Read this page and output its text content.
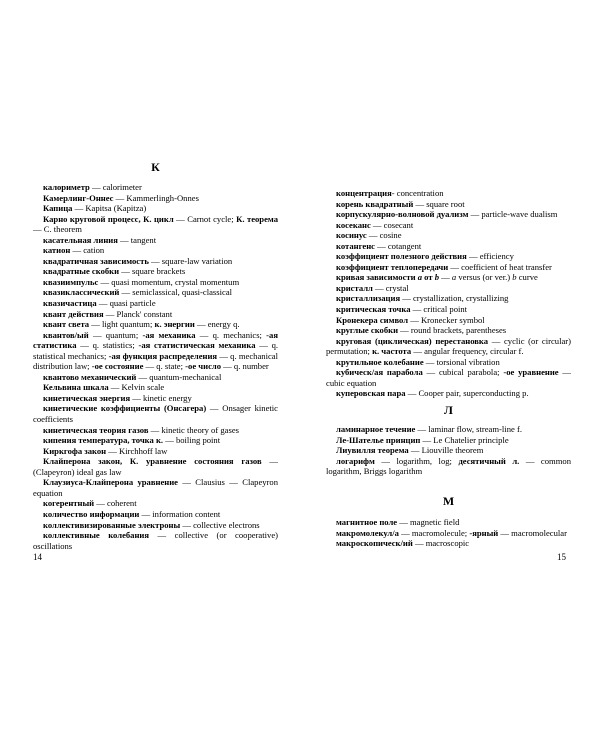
К

калориметр — calorimeter

Камерлинг-Оннес — Kammerlingh-Onnes

Капица — Kapitsa (Kapitza)

Карно круговой процесс, К. цикл — Carnot cycle; К. теорема — C. theorem

касательная линия — tangent

катион — cation

квадратичная зависимость — square-law variation

квадратные скобки — square brackets

квазиимпульс — quasi momentum, crystal momentum

квазиклассический — semiclassical, quasi-classical

квазичастица — quasi particle

квант действия — Planck' constant

квант света — light quantum; к. энергии — energy q.

квантов/ый — quantum; -ая механика — q. mechanics; -ая статистика — q. statistics; -ая статистическая механика — q. statistical mechanics; -ая функция распределения — q. mechanical distribution law; -ое состояние — q. state; -ое число — q. number

квантово механический — quantum-mechanical

Кельвина шкала — Kelvin scale

кинетическая энергия — kinetic energy

кинетические коэффициенты (Онсагера) — Onsager kinetic coefficients

кинетическая теория газов — kinetic theory of gases

кипения температура, точка к. — boiling point

Киркгофа закон — Kirchhoff law

Клайперона закон, К. уравнение состояния газов — (Clapeyron) ideal gas law

Клаузиуса-Клайперона уравнение — Clausius — Clapeyron equation

когерентный — coherent

количество информации — information content

коллективизированные электроны — collective electrons

коллективные колебания — collective (or cooperative) oscillations

14

концентрация- concentration

корень квадратный — square root

корпускулярно-волновой дуализм — particle-wave dualism

косеканс — cosecant

косинус — cosine

котангенс — cotangent

коэффициент полезного действия — efficiency

коэффициент теплопередачи — coefficient of heat transfer

кривая зависимости a от b — a versus (or ver.) b curve

кристалл — crystal

кристаллизация — crystallization, crystallizing

критическая точка — critical point

Кронекера символ — Kronecker symbol

круглые скобки — round brackets, parentheses

круговая (циклическая) перестановка — cyclic (or circular) permutation; к. частота — angular frequency, circular f.

крутильное колебание — torsional vibration

кубическ/ая парабола — cubical parabola; -ое уравнение — cubic equation

куперовская пара — Cooper pair, superconducting p.

Л

ламинарное течение — laminar flow, stream-line f.

Ле-Шателье принцип — Le Chatelier principle

Лиувилля теорема — Liouville theorem

логарифм — logarithm, log; десятичный л. — common logarithm, Briggs logarithm

М

магнитное поле — magnetic field

макромолекул/а — macromolecule; -ярный — macromolecular

макроскопическ/ий — macroscopic

15
